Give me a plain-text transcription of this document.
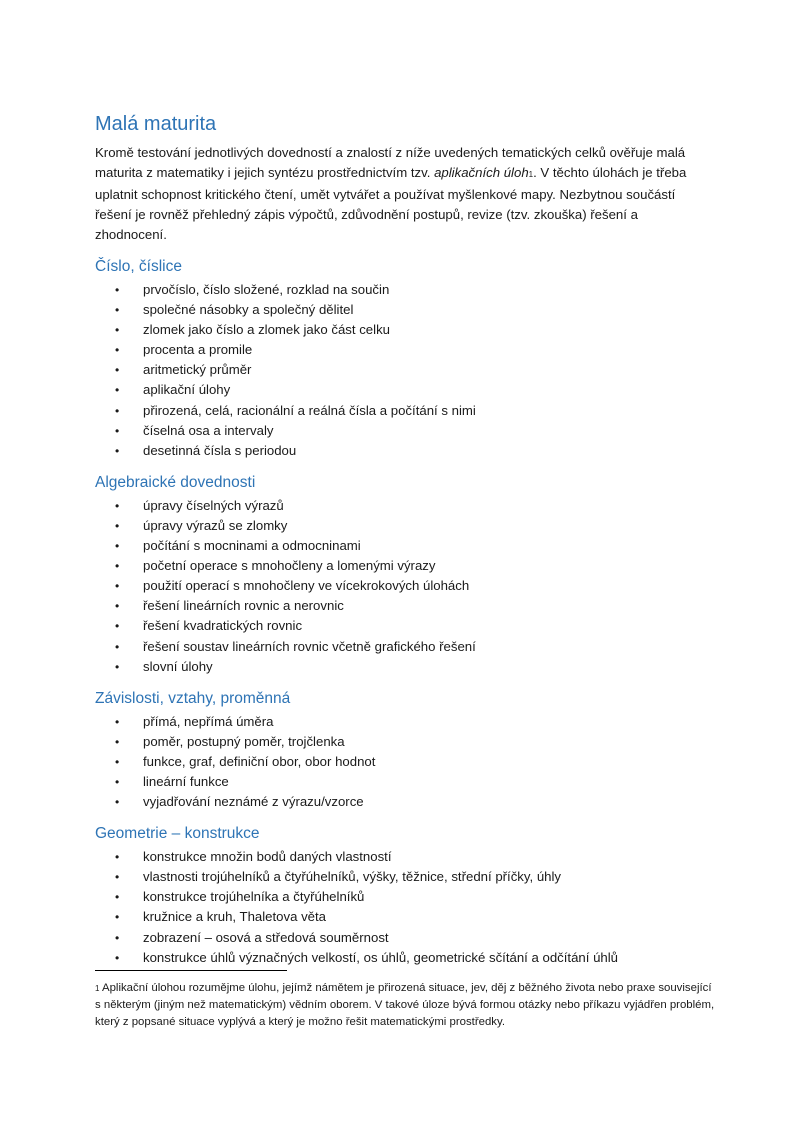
Malá maturita

Kromě testování jednotlivých dovedností a znalostí z níže uvedených tematických celků ověřuje malá maturita z matematiky i jejich syntézu prostřednictvím tzv. aplikačních úloh1. V těchto úlohách je třeba uplatnit schopnost kritického čtení, umět vytvářet a používat myšlenkové mapy. Nezbytnou součástí řešení je rovněž přehledný zápis výpočtů, zdůvodnění postupů, revize (tzv. zkouška) řešení a zhodnocení.

Číslo, číslice
• prvočíslo, číslo složené, rozklad na součin
• společné násobky a společný dělitel
• zlomek jako číslo a zlomek jako část celku
• procenta a promile
• aritmetický průměr
• aplikační úlohy
• přirozená, celá, racionální a reálná čísla a počítání s nimi
• číselná osa a intervaly
• desetinná čísla s periodou
Algebraické dovednosti
• úpravy číselných výrazů
• úpravy výrazů se zlomky
• počítání s mocninami a odmocninami
• početní operace s mnohočleny a lomenými výrazy
• použití operací s mnohočleny ve vícekrokových úlohách
• řešení lineárních rovnic a nerovnic
• řešení kvadratických rovnic
• řešení soustav lineárních rovnic včetně grafického řešení
• slovní úlohy
Závislosti, vztahy, proměnná
• přímá, nepřímá úměra
• poměr, postupný poměr, trojčlenka
• funkce, graf, definiční obor, obor hodnot
• lineární funkce
• vyjadřování neznámé z výrazu/vzorce
Geometrie – konstrukce
• konstrukce množin bodů daných vlastností
• vlastnosti trojúhelníků a čtyřúhelníků, výšky, těžnice, střední příčky, úhly
• konstrukce trojúhelníka a čtyřúhelníků
• kružnice a kruh, Thaletova věta
• zobrazení – osová a středová souměrnost
• konstrukce úhlů význačných velkostí, os úhlů, geometrické sčítání a odčítání úhlů

1 Aplikační úlohou rozumějme úlohu, jejímž námětem je přirozená situace, jev, děj z běžného života nebo praxe související s některým (jiným než matematickým) vědním oborem. V takové úloze bývá formou otázky nebo příkazu vyjádřen problém, který z popsané situace vyplývá a který je možno řešit matematickými prostředky.
